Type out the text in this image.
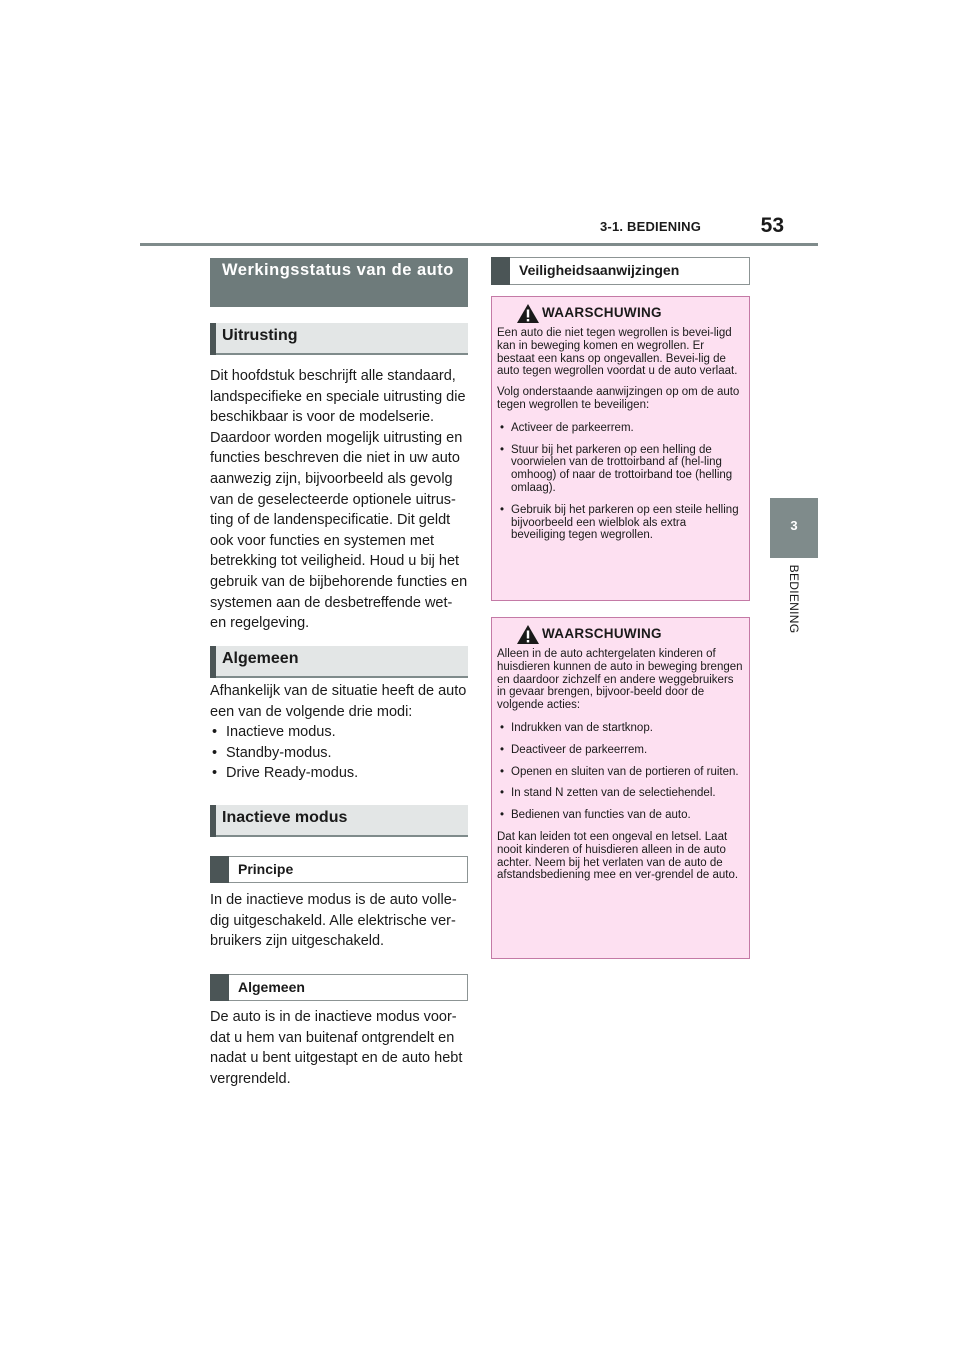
3-1. BEDIENING	53
3
BEDIENING
Werkingsstatus van de auto
Uitrusting

Dit hoofdstuk beschrijft alle standaard, landspecifieke en speciale uitrusting die beschikbaar is voor de modelserie. Daardoor worden mogelijk uitrusting en functies beschreven die niet in uw auto aanwezig zijn, bijvoorbeeld als gevolg van de geselecteerde optionele uitrus-ting of de landenspecificatie. Dit geldt ook voor functies en systemen met betrekking tot veiligheid. Houd u bij het gebruik van de bijbehorende functies en systemen aan de desbetreffende wet- en regelgeving.

Algemeen

Afhankelijk van de situatie heeft de auto een van de volgende drie modi:

• Inactieve modus.
• Standby-modus.
• Drive Ready-modus.
Inactieve modus
Principe

In de inactieve modus is de auto volle-dig uitgeschakeld. Alle elektrische ver-bruikers zijn uitgeschakeld.

Algemeen

De auto is in de inactieve modus voor-dat u hem van buitenaf ontgrendelt en nadat u bent uitgestapt en de auto hebt vergrendeld.

Veiligheidsaanwijzingen
WAARSCHUWING

Een auto die niet tegen wegrollen is bevei-ligd kan in beweging komen en wegrollen. Er bestaat een kans op ongevallen. Bevei-lig de auto tegen wegrollen voordat u de auto verlaat.

Volg onderstaande aanwijzingen op om de auto tegen wegrollen te beveiligen:

• Activeer de parkeerrem.
• Stuur bij het parkeren op een helling de voorwielen van de trottoirband af (hel-ling omhoog) of naar de trottoirband toe (helling omlaag).
• Gebruik bij het parkeren op een steile helling bijvoorbeeld een wielblok als extra beveiliging tegen wegrollen.
WAARSCHUWING

Alleen in de auto achtergelaten kinderen of huisdieren kunnen de auto in beweging brengen en daardoor zichzelf en andere weggebruikers in gevaar brengen, bijvoor-beeld door de volgende acties:

• Indrukken van de startknop.
• Deactiveer de parkeerrem.
• Openen en sluiten van de portieren of ruiten.
• In stand N zetten van de selectiehendel.
• Bedienen van functies van de auto.

Dat kan leiden tot een ongeval en letsel. Laat nooit kinderen of huisdieren alleen in de auto achter. Neem bij het verlaten van de auto de afstandsbediening mee en ver-grendel de auto.
